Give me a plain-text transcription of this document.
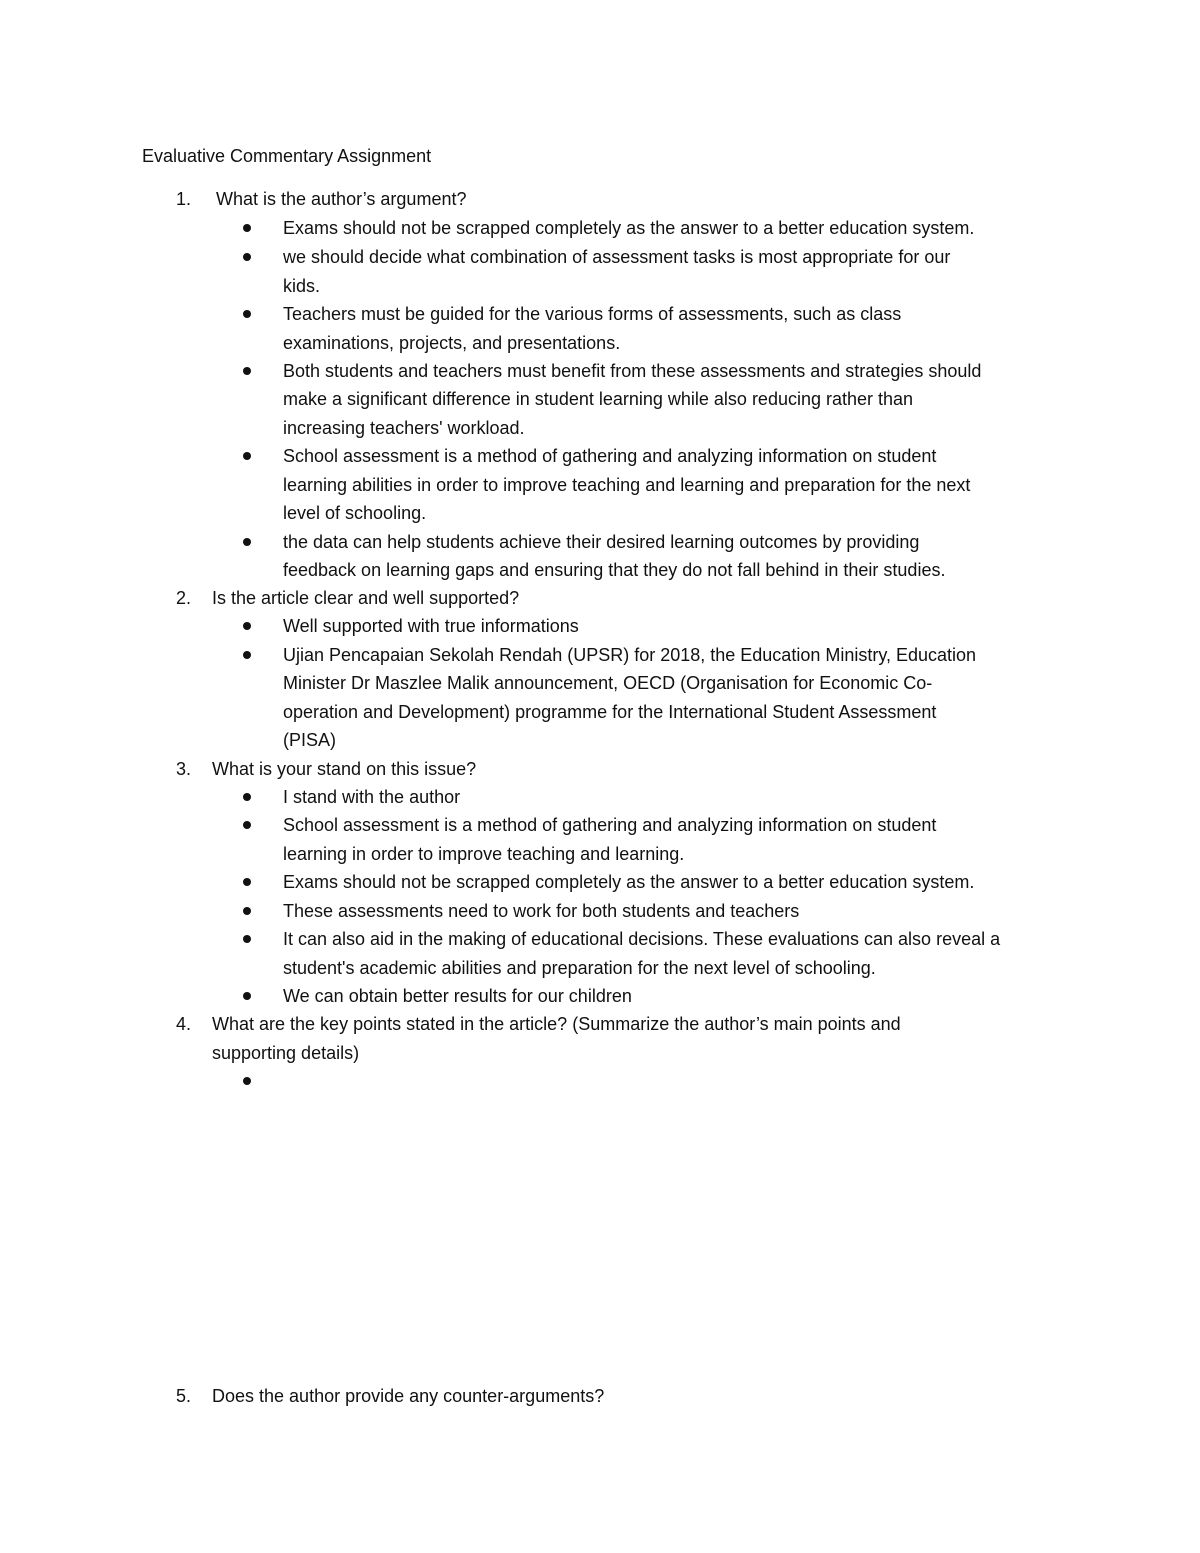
Evaluative Commentary Assignment
1. What is the author’s argument?
Exams should not be scrapped completely as the answer to a better education system.
we should decide what combination of assessment tasks is most appropriate for our
kids.
Teachers must be guided for the various forms of assessments, such as class
examinations, projects, and presentations.
Both students and teachers must benefit from these assessments and strategies should
make a significant difference in student learning while also reducing rather than
increasing teachers' workload.
School assessment is a method of gathering and analyzing information on student
learning abilities in order to improve teaching and learning and preparation for the next
level of schooling.
the data can help students achieve their desired learning outcomes by providing
feedback on learning gaps and ensuring that they do not fall behind in their studies.
2. Is the article clear and well supported?
Well supported with true informations
Ujian Pencapaian Sekolah Rendah (UPSR) for 2018, the Education Ministry, Education
Minister Dr Maszlee Malik announcement, OECD (Organisation for Economic Co-
operation and Development) programme for the International Student Assessment
(PISA)
3. What is your stand on this issue?
I stand with the author
School assessment is a method of gathering and analyzing information on student
learning in order to improve teaching and learning.
Exams should not be scrapped completely as the answer to a better education system.
These assessments need to work for both students and teachers
It can also aid in the making of educational decisions. These evaluations can also reveal a
student's academic abilities and preparation for the next level of schooling.
We can obtain better results for our children
4. What are the key points stated in the article? (Summarize the author’s main points and
supporting details)
5. Does the author provide any counter-arguments?
